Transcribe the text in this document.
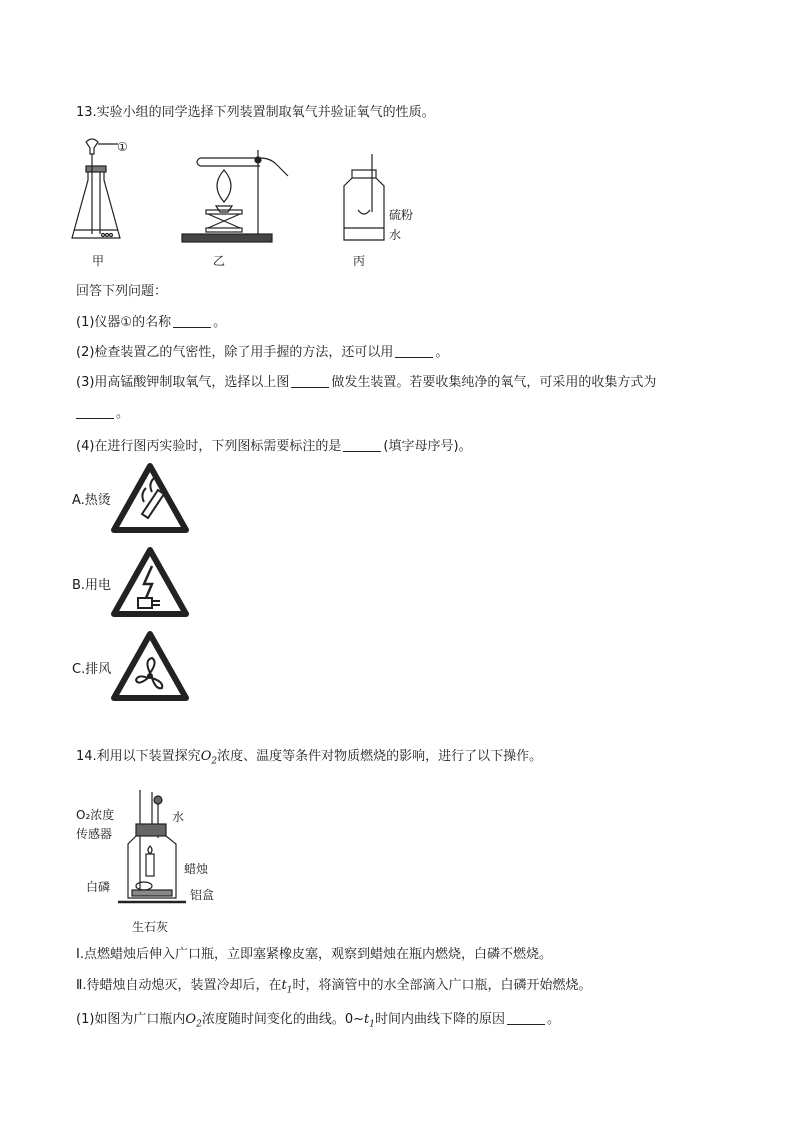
13.实验小组的同学选择下列装置制取氧气并验证氧气的性质。
①
甲	乙
硫粉
水
丙
回答下列问题：
(1)仪器①的名称	。
(2)检查装置乙的气密性，除了用手握的方法，还可以用	。
(3)用高锰酸钾制取氧气，选择以上图	做发生装置。若要收集纯净的氧气，可采用的收集方式为
。
(4)在进行图丙实验时，下列图标需要标注的是	(填字母序号)。
A.热烫
B.用电
C.排风
14.利用以下装置探究$O_2$浓度、温度等条件对物质燃烧的影响，进行了以下操作。
O₂浓度
传感器
水
蜡烛
白磷
铝盒
生石灰
Ⅰ.点燃蜡烛后伸入广口瓶，立即塞紧橡皮塞，观察到蜡烛在瓶内燃烧，白磷不燃烧。
Ⅱ.待蜡烛自动熄灭，装置冷却后，在$t_1$时，将滴管中的水全部滴入广口瓶，白磷开始燃烧。
(1)如图为广口瓶内$O_2$浓度随时间变化的曲线。$0\sim t_1$时间内曲线下降的原因	。
